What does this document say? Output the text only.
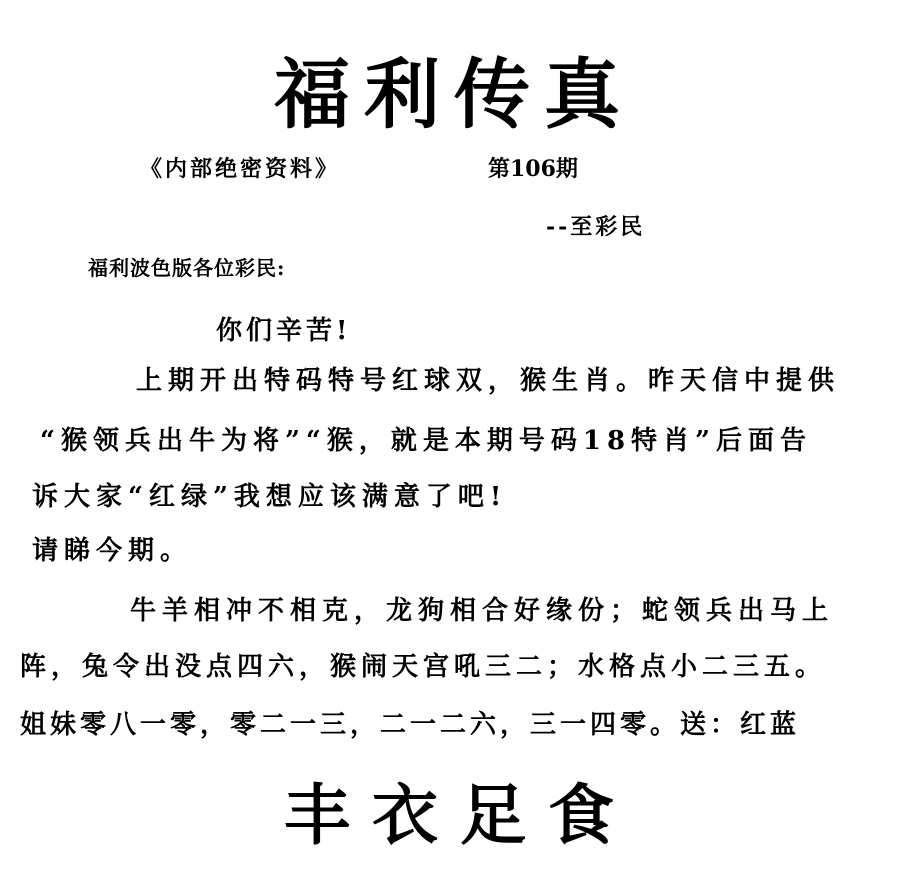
福利传真
《内部绝密资料》	第106期
--至彩民
福利波色版各位彩民:
你们辛苦!
上期开出特码特号红球双，猴生肖。昨天信中提供
“猴领兵出牛为将”“猴，就是本期号码18特肖”后面告
诉大家“红绿”我想应该满意了吧!
请睇今期。
牛羊相冲不相克，龙狗相合好缘份；蛇领兵出马上
阵，兔令出没点四六，猴闹天宫吼三二；水格点小二三五。
姐妹零八一零，零二一三，二一二六，三一四零。送：红蓝
丰衣足食
